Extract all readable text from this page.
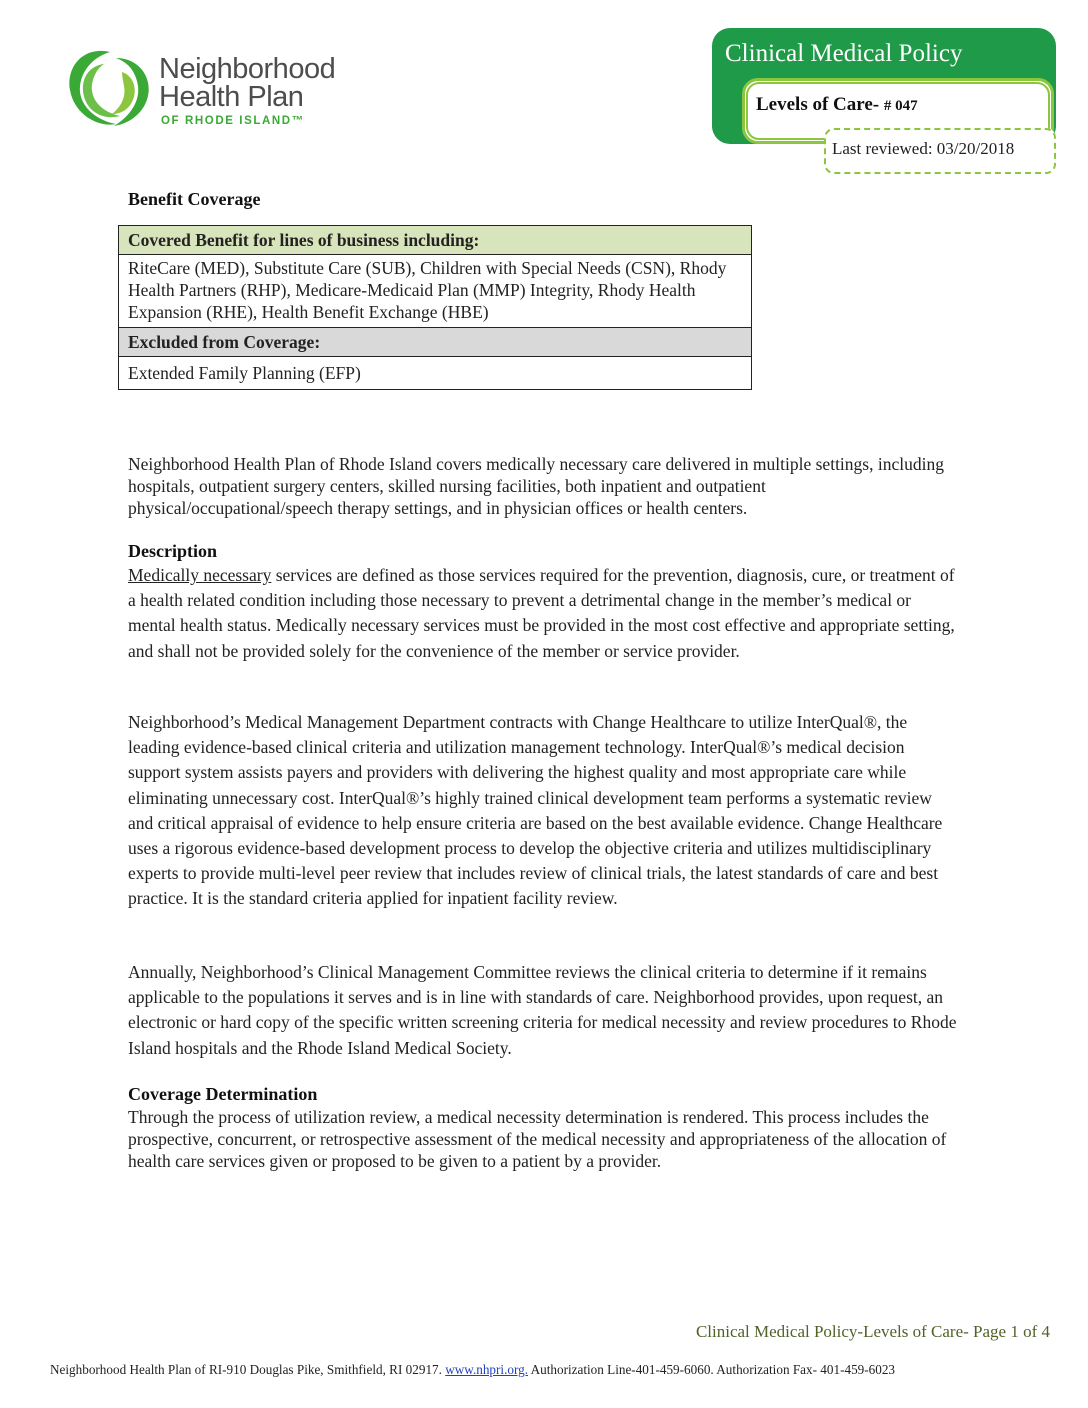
Neighborhood
Health Plan
OF RHODE ISLAND™
Clinical Medical Policy
Levels of Care- # 047
Last reviewed: 03/20/2018
Benefit Coverage
Covered Benefit for lines of business including:
RiteCare (MED), Substitute Care (SUB), Children with Special Needs (CSN), Rhody Health Partners (RHP), Medicare-Medicaid Plan (MMP) Integrity, Rhody Health Expansion (RHE), Health Benefit Exchange (HBE)
Excluded from Coverage:
Extended Family Planning (EFP)
Neighborhood Health Plan of Rhode Island covers medically necessary care delivered in multiple settings, including hospitals, outpatient surgery centers, skilled nursing facilities, both inpatient and outpatient physical/occupational/speech therapy settings, and in physician offices or health centers.
Description
Medically necessary services are defined as those services required for the prevention, diagnosis, cure, or treatment of a health related condition including those necessary to prevent a detrimental change in the member’s medical or mental health status. Medically necessary services must be provided in the most cost effective and appropriate setting, and shall not be provided solely for the convenience of the member or service provider.
Neighborhood’s Medical Management Department contracts with Change Healthcare to utilize InterQual®, the leading evidence-based clinical criteria and utilization management technology. InterQual®’s medical decision support system assists payers and providers with delivering the highest quality and most appropriate care while eliminating unnecessary cost. InterQual®’s highly trained clinical development team performs a systematic review and critical appraisal of evidence to help ensure criteria are based on the best available evidence. Change Healthcare uses a rigorous evidence-based development process to develop the objective criteria and utilizes multidisciplinary experts to provide multi-level peer review that includes review of clinical trials, the latest standards of care and best practice. It is the standard criteria applied for inpatient facility review.
Annually, Neighborhood’s Clinical Management Committee reviews the clinical criteria to determine if it remains applicable to the populations it serves and is in line with standards of care. Neighborhood provides, upon request, an electronic or hard copy of the specific written screening criteria for medical necessity and review procedures to Rhode Island hospitals and the Rhode Island Medical Society.
Coverage Determination
Through the process of utilization review, a medical necessity determination is rendered. This process includes the prospective, concurrent, or retrospective assessment of the medical necessity and appropriateness of the allocation of health care services given or proposed to be given to a patient by a provider.
Clinical Medical Policy-Levels of Care- Page 1 of 4
Neighborhood Health Plan of RI-910 Douglas Pike, Smithfield, RI 02917. www.nhpri.org. Authorization Line-401-459-6060. Authorization Fax- 401-459-6023
